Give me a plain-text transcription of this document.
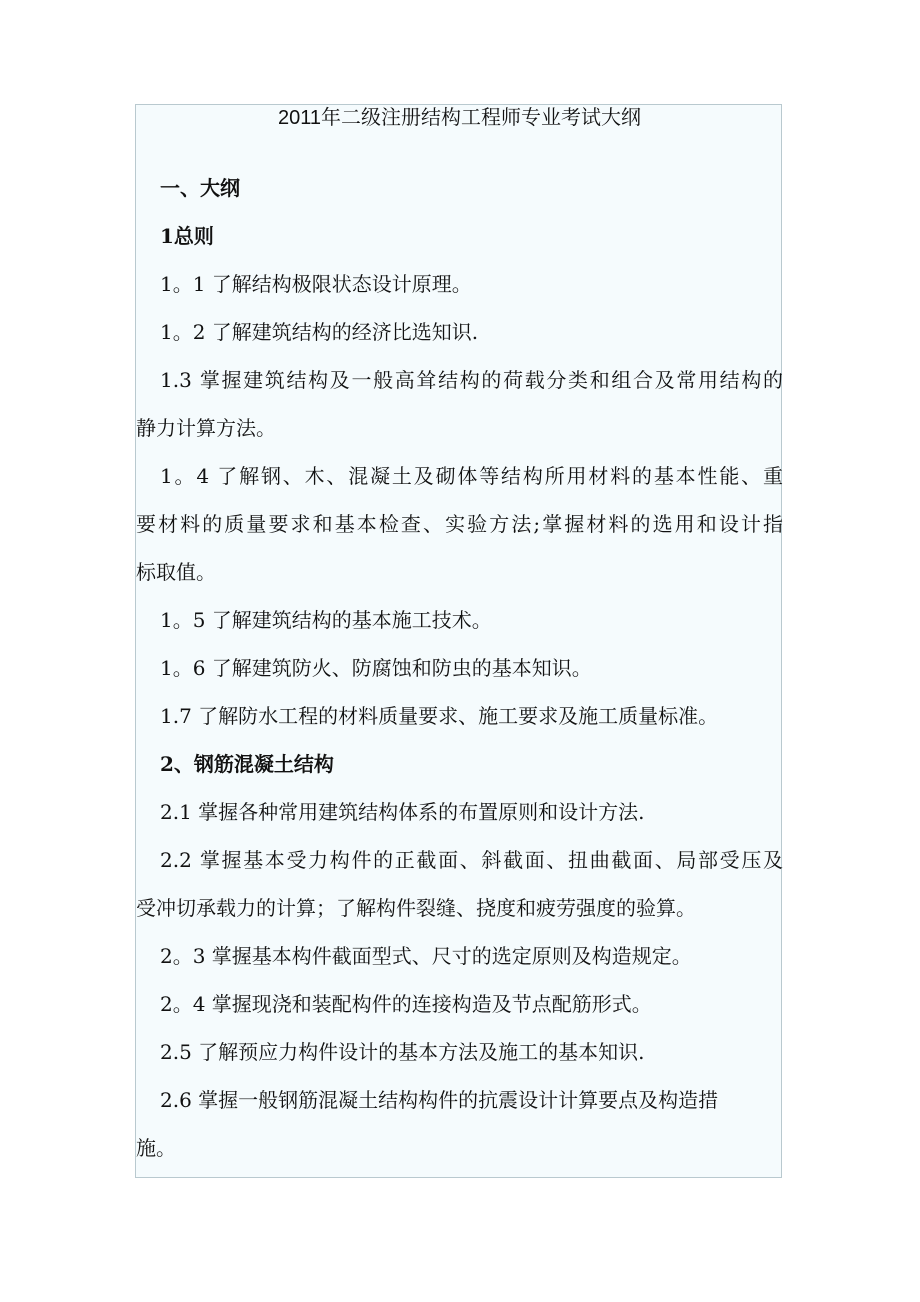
2011年二级注册结构工程师专业考试大纲
一、大纲
1总则
1。1 了解结构极限状态设计原理。
1。2 了解建筑结构的经济比选知识.
1.3 掌握建筑结构及一般高耸结构的荷载分类和组合及常用结构的
静力计算方法。
1。4 了解钢、木、混凝土及砌体等结构所用材料的基本性能、重
要材料的质量要求和基本检查、实验方法;掌握材料的选用和设计指
标取值。
1。5 了解建筑结构的基本施工技术。
1。6 了解建筑防火、防腐蚀和防虫的基本知识。
1.7 了解防水工程的材料质量要求、施工要求及施工质量标准。
2、钢筋混凝土结构
2.1 掌握各种常用建筑结构体系的布置原则和设计方法.
2.2 掌握基本受力构件的正截面、斜截面、扭曲截面、局部受压及
受冲切承载力的计算；了解构件裂缝、挠度和疲劳强度的验算。
2。3 掌握基本构件截面型式、尺寸的选定原则及构造规定。
2。4 掌握现浇和装配构件的连接构造及节点配筋形式。
2.5 了解预应力构件设计的基本方法及施工的基本知识.
2.6 掌握一般钢筋混凝土结构构件的抗震设计计算要点及构造措
施。
